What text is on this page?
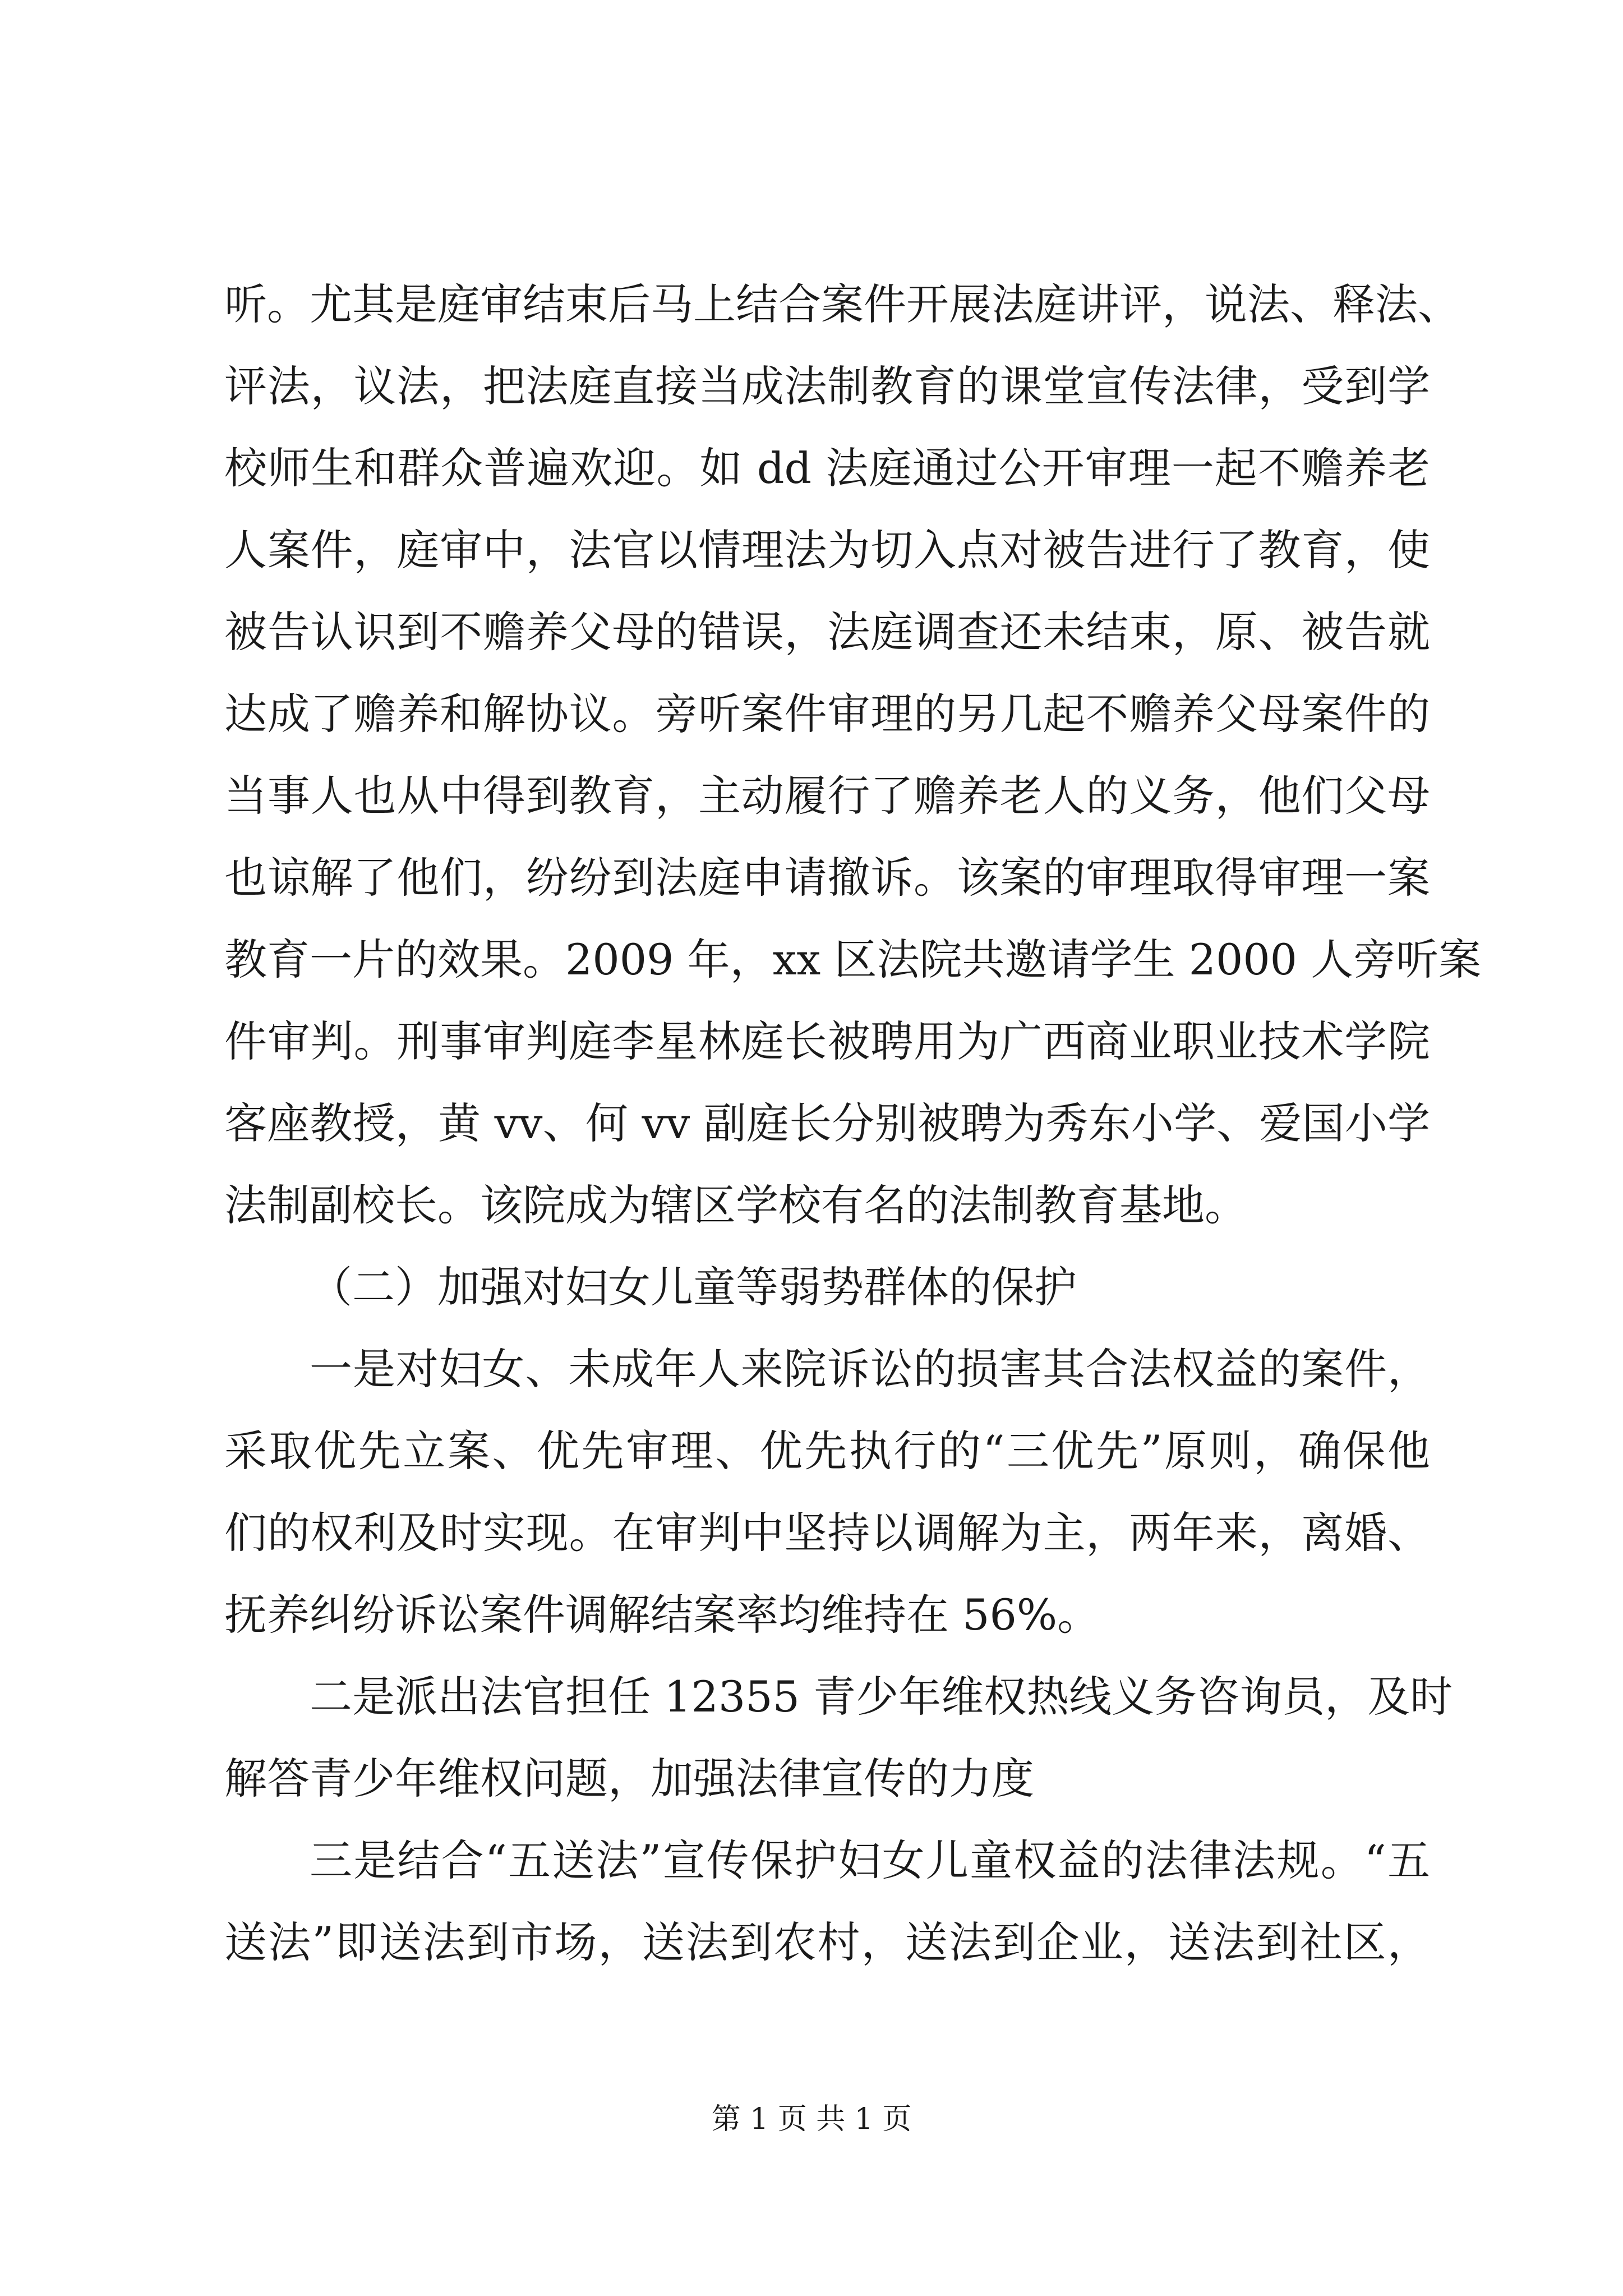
听。尤其是庭审结束后马上结合案件开展法庭讲评，说法、释法、
评法，议法，把法庭直接当成法制教育的课堂宣传法律，受到学
校师生和群众普遍欢迎。如 dd 法庭通过公开审理一起不赡养老
人案件，庭审中，法官以情理法为切入点对被告进行了教育，使
被告认识到不赡养父母的错误，法庭调查还未结束，原、被告就
达成了赡养和解协议。旁听案件审理的另几起不赡养父母案件的
当事人也从中得到教育，主动履行了赡养老人的义务，他们父母
也谅解了他们，纷纷到法庭申请撤诉。该案的审理取得审理一案
教育一片的效果。2009 年，xx 区法院共邀请学生 2000 人旁听案
件审判。刑事审判庭李星林庭长被聘用为广西商业职业技术学院
客座教授，黄 vv、何 vv 副庭长分别被聘为秀东小学、爱国小学
法制副校长。该院成为辖区学校有名的法制教育基地。
（二）加强对妇女儿童等弱势群体的保护
一是对妇女、未成年人来院诉讼的损害其合法权益的案件，
采取优先立案、优先审理、优先执行的“三优先”原则，确保他
们的权利及时实现。在审判中坚持以调解为主，两年来，离婚、
抚养纠纷诉讼案件调解结案率均维持在 56%。
二是派出法官担任 12355 青少年维权热线义务咨询员，及时
解答青少年维权问题，加强法律宣传的力度
三是结合“五送法”宣传保护妇女儿童权益的法律法规。“五
送法”即送法到市场，送法到农村，送法到企业，送法到社区，
第 1 页 共 1 页
